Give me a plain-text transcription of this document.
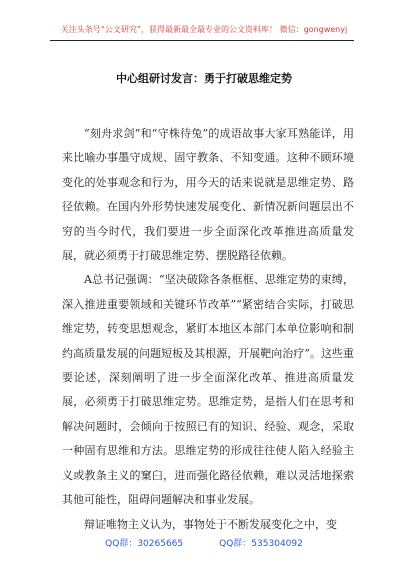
关注头条号“公文研究”，获得最新最全最专业的公文资料库！ 微信：gongwenyj
中心组研讨发言：勇于打破思维定势

“刻舟求剑”和“守株待兔”的成语故事大家耳熟能详，用来比喻办事墨守成规、固守教条、不知变通。这种不顾环境变化的处事观念和行为，用今天的话来说就是思维定势、路径依赖。在国内外形势快速发展变化、新情况新问题层出不穷的当今时代，我们要进一步全面深化改革推进高质量发展，就必须勇于打破思维定势、摆脱路径依赖。

A总书记强调：“坚决破除各条框框、思维定势的束缚，深入推进重要领域和关键环节改革”“紧密结合实际，打破思维定势，转变思想观念，紧盯本地区本部门本单位影响和制约高质量发展的问题短板及其根源，开展靶向治疗”。这些重要论述，深刻阐明了进一步全面深化改革、推进高质量发展，必须勇于打破思维定势。思维定势，是指人们在思考和解决问题时，会倾向于按照已有的知识、经验、观念，采取一种固有思维和方法。思维定势的形成往往使人陷入经验主义或教条主义的窠臼，进而强化路径依赖，难以灵活地探索其他可能性，阻碍问题解决和事业发展。

辩证唯物主义认为，事物处于不断发展变化之中，变

QQ群：30265665	QQ群：535304092
